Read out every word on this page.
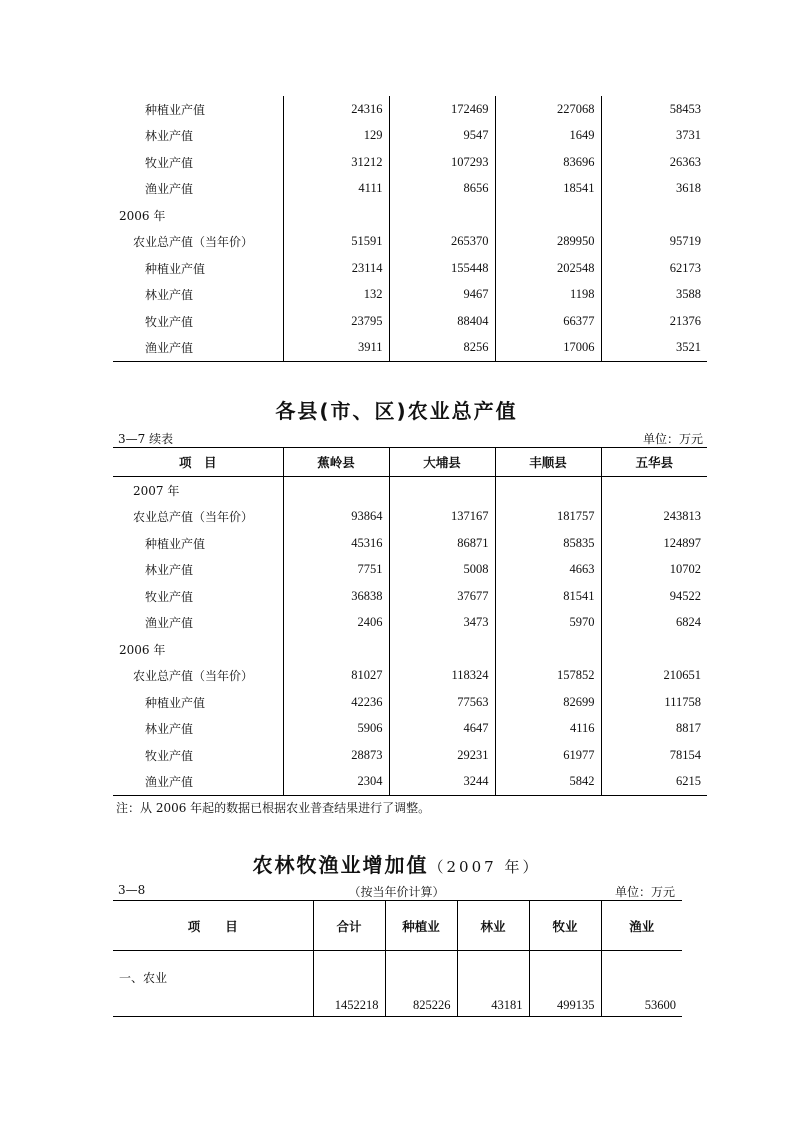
种植业产值	24316	172469	227068	58453
林业产值	129	9547	1649	3731
牧业产值	31212	107293	83696	26363
渔业产值	4111	8656	18541	3618
2006 年				
农业总产值（当年价）	51591	265370	289950	95719
种植业产值	23114	155448	202548	62173
林业产值	132	9467	1198	3588
牧业产值	23795	88404	66377	21376
渔业产值	3911	8256	17006	3521
各县(市、区)农业总产值
3—7 续表	单位：万元
项　目	蕉岭县	大埔县	丰顺县	五华县
2007 年				
农业总产值（当年价）	93864	137167	181757	243813
种植业产值	45316	86871	85835	124897
林业产值	7751	5008	4663	10702
牧业产值	36838	37677	81541	94522
渔业产值	2406	3473	5970	6824
2006 年				
农业总产值（当年价）	81027	118324	157852	210651
种植业产值	42236	77563	82699	111758
林业产值	5906	4647	4116	8817
牧业产值	28873	29231	61977	78154
渔业产值	2304	3244	5842	6215
注：从 2006 年起的数据已根据农业普查结果进行了调整。
农林牧渔业增加值（2007 年）
3—8	（按当年价计算）	单位：万元
项　　目	合计	种植业	林业	牧业	渔业
一、农业	1452218	825226	43181	499135	53600
